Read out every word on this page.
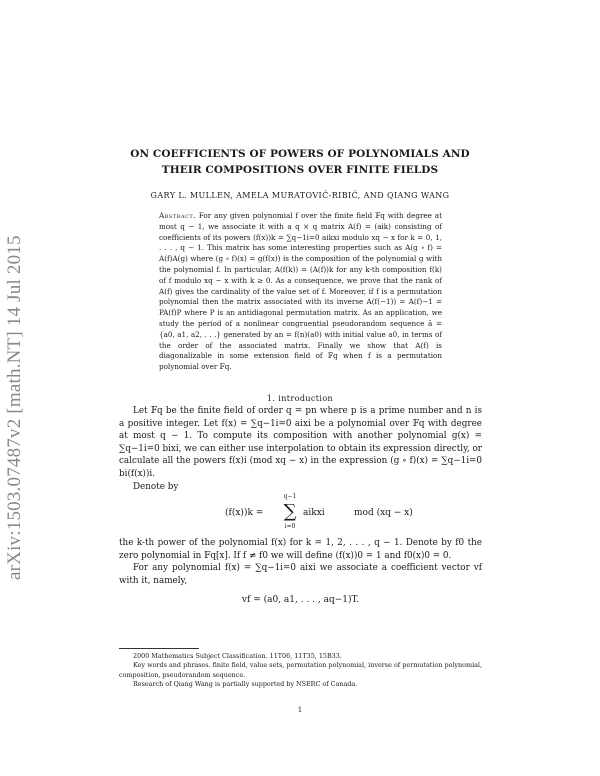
arXiv:1503.07487v2 [math.NT] 14 Jul 2015
ON COEFFICIENTS OF POWERS OF POLYNOMIALS AND
THEIR COMPOSITIONS OVER FINITE FIELDS
GARY L. MULLEN, AMELA MURATOVIĆ-RIBIĆ, AND QIANG WANG
Abstract. For any given polynomial f over the finite field 𝔽q with degree at most q − 1, we associate it with a q × q matrix A(f) = (aik) consisting of coefficients of its powers (f(x))k = ∑q−1i=0 aikxi modulo xq − x for k = 0, 1, . . . , q − 1. This matrix has some interesting properties such as A(g ∘ f) = A(f)A(g) where (g ∘ f)(x) = g(f(x)) is the composition of the polynomial g with the polynomial f. In particular, A(f(k)) = (A(f))k for any k-th composition f(k) of f modulo xq − x with k ≥ 0. As a consequence, we prove that the rank of A(f) gives the cardinality of the value set of f. Moreover, if f is a permutation polynomial then the matrix associated with its inverse A(f(−1)) = A(f)−1 = PA(f)P where P is an antidiagonal permutation matrix. As an application, we study the period of a nonlinear congruential pseudorandom sequence ā = {a0, a1, a2, . . .} generated by an = f(n)(a0) with initial value a0, in terms of the order of the associated matrix. Finally we show that A(f) is diagonalizable in some extension field of 𝔽q when f is a permutation polynomial over 𝔽q.
1. introduction

Let 𝔽q be the finite field of order q = pn where p is a prime number and n is a positive integer. Let f(x) = ∑q−1i=0 aixi be a polynomial over 𝔽q with degree at most q − 1. To compute its composition with another polynomial g(x) = ∑q−1i=0 bixi, we can either use interpolation to obtain its expression directly, or calculate all the powers f(x)i (mod xq − x) in the expression (g ∘ f)(x) = ∑q−1i=0 bi(f(x))i.

Denote by

(f(x))k =
q−1
∑
i=0
aikxi	mod (xq − x)

the k-th power of the polynomial f(x) for k = 1, 2, . . . , q − 1. Denote by f0 the zero polynomial in 𝔽q[x]. If f ≠ f0 we will define (f(x))0 = 1 and f0(x)0 = 0.

For any polynomial f(x) = ∑q−1i=0 aixi we associate a coefficient vector vf with it, namely,

vf = (a0, a1, . . . , aq−1)T.

2000 Mathematics Subject Classification. 11T06, 11T35, 15B33.

Key words and phrases. finite field, value sets, permutation polynomial, inverse of permutation polynomial, composition, pseudorandom sequence.

Research of Qiang Wang is partially supported by NSERC of Canada.

1
